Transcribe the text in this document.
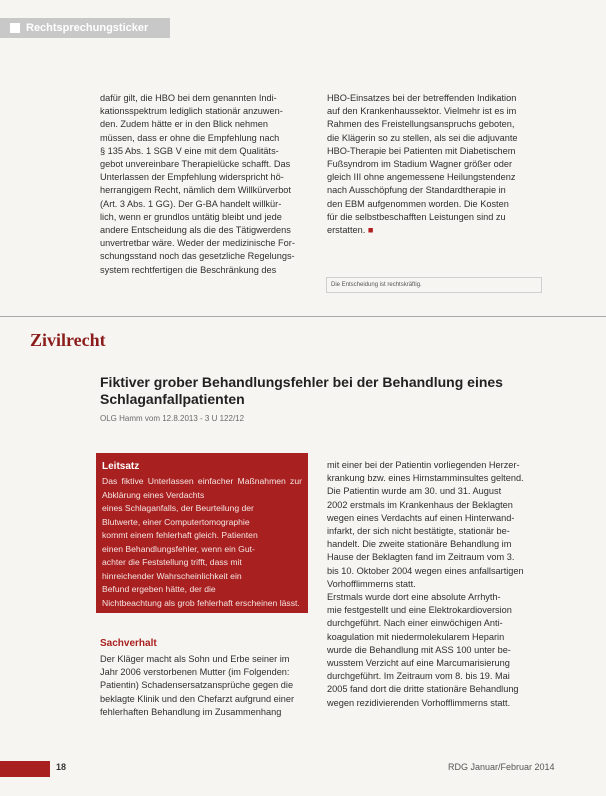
Rechtsprechungsticker

dafür gilt, die HBO bei dem genannten Indi-

kationsspektrum lediglich stationär anzuwen-

den. Zudem hätte er in den Blick nehmen

müssen, dass er ohne die Empfehlung nach

§ 135 Abs. 1 SGB V eine mit dem Qualitäts-

gebot unvereinbare Therapielücke schafft. Das

Unterlassen der Empfehlung widerspricht hö-

herrangigem Recht, nämlich dem Willkürverbot

(Art. 3 Abs. 1 GG). Der G-BA handelt willkür-

lich, wenn er grundlos untätig bleibt und jede

andere Entscheidung als die des Tätigwerdens

unvertretbar wäre. Weder der medizinische For-

schungsstand noch das gesetzliche Regelungs-

system rechtfertigen die Beschränkung des

HBO-Einsatzes bei der betreffenden Indikation

auf den Krankenhaussektor. Vielmehr ist es im

Rahmen des Freistellungsanspruchs geboten,

die Klägerin so zu stellen, als sei die adjuvante

HBO-Therapie bei Patienten mit Diabetischem

Fußsyndrom im Stadium Wagner größer oder

gleich III ohne angemessene Heilungstendenz

nach Ausschöpfung der Standardtherapie in

den EBM aufgenommen worden. Die Kosten

für die selbstbeschafften Leistungen sind zu

erstatten. ■

Die Entscheidung ist rechtskräftig.
Zivilrecht
Fiktiver grober Behandlungsfehler bei der Behandlung eines Schlaganfallpatienten
OLG Hamm vom 12.8.2013 - 3 U 122/12
Leitsatz

Das fiktive Unterlassen einfacher Maßnahmen zur Abklärung eines Verdachts

eines Schlaganfalls, der Beurteilung der

Blutwerte, einer Computertomographie

kommt einem fehlerhaft gleich. Patienten

einen Behandlungsfehler, wenn ein Gut-

achter die Feststellung trifft, dass mit

hinreichender Wahrscheinlichkeit ein

Befund ergeben hätte, der die

Nichtbeachtung als grob fehlerhaft erscheinen lässt.

Sachverhalt

Der Kläger macht als Sohn und Erbe seiner im

Jahr 2006 verstorbenen Mutter (im Folgenden:

Patientin) Schadensersatzansprüche gegen die

beklagte Klinik und den Chefarzt aufgrund einer

fehlerhaften Behandlung im Zusammenhang

mit einer bei der Patientin vorliegenden Herzer-

krankung bzw. eines Hirnstamminsultes geltend.

Die Patientin wurde am 30. und 31. August

2002 erstmals im Krankenhaus der Beklagten

wegen eines Verdachts auf einen Hinterwand-

infarkt, der sich nicht bestätigte, stationär be-

handelt. Die zweite stationäre Behandlung im

Hause der Beklagten fand im Zeitraum vom 3.

bis 10. Oktober 2004 wegen eines anfallsartigen

Vorhofflimmerns statt.

Erstmals wurde dort eine absolute Arrhyth-

mie festgestellt und eine Elektrokardioversion

durchgeführt. Nach einer einwöchigen Anti-

koagulation mit niedermolekularem Heparin

wurde die Behandlung mit ASS 100 unter be-

wusstem Verzicht auf eine Marcumarisierung

durchgeführt. Im Zeitraum vom 8. bis 19. Mai

2005 fand dort die dritte stationäre Behandlung

wegen rezidivierenden Vorhofflimmerns statt.

18	RDG Januar/Februar 2014
